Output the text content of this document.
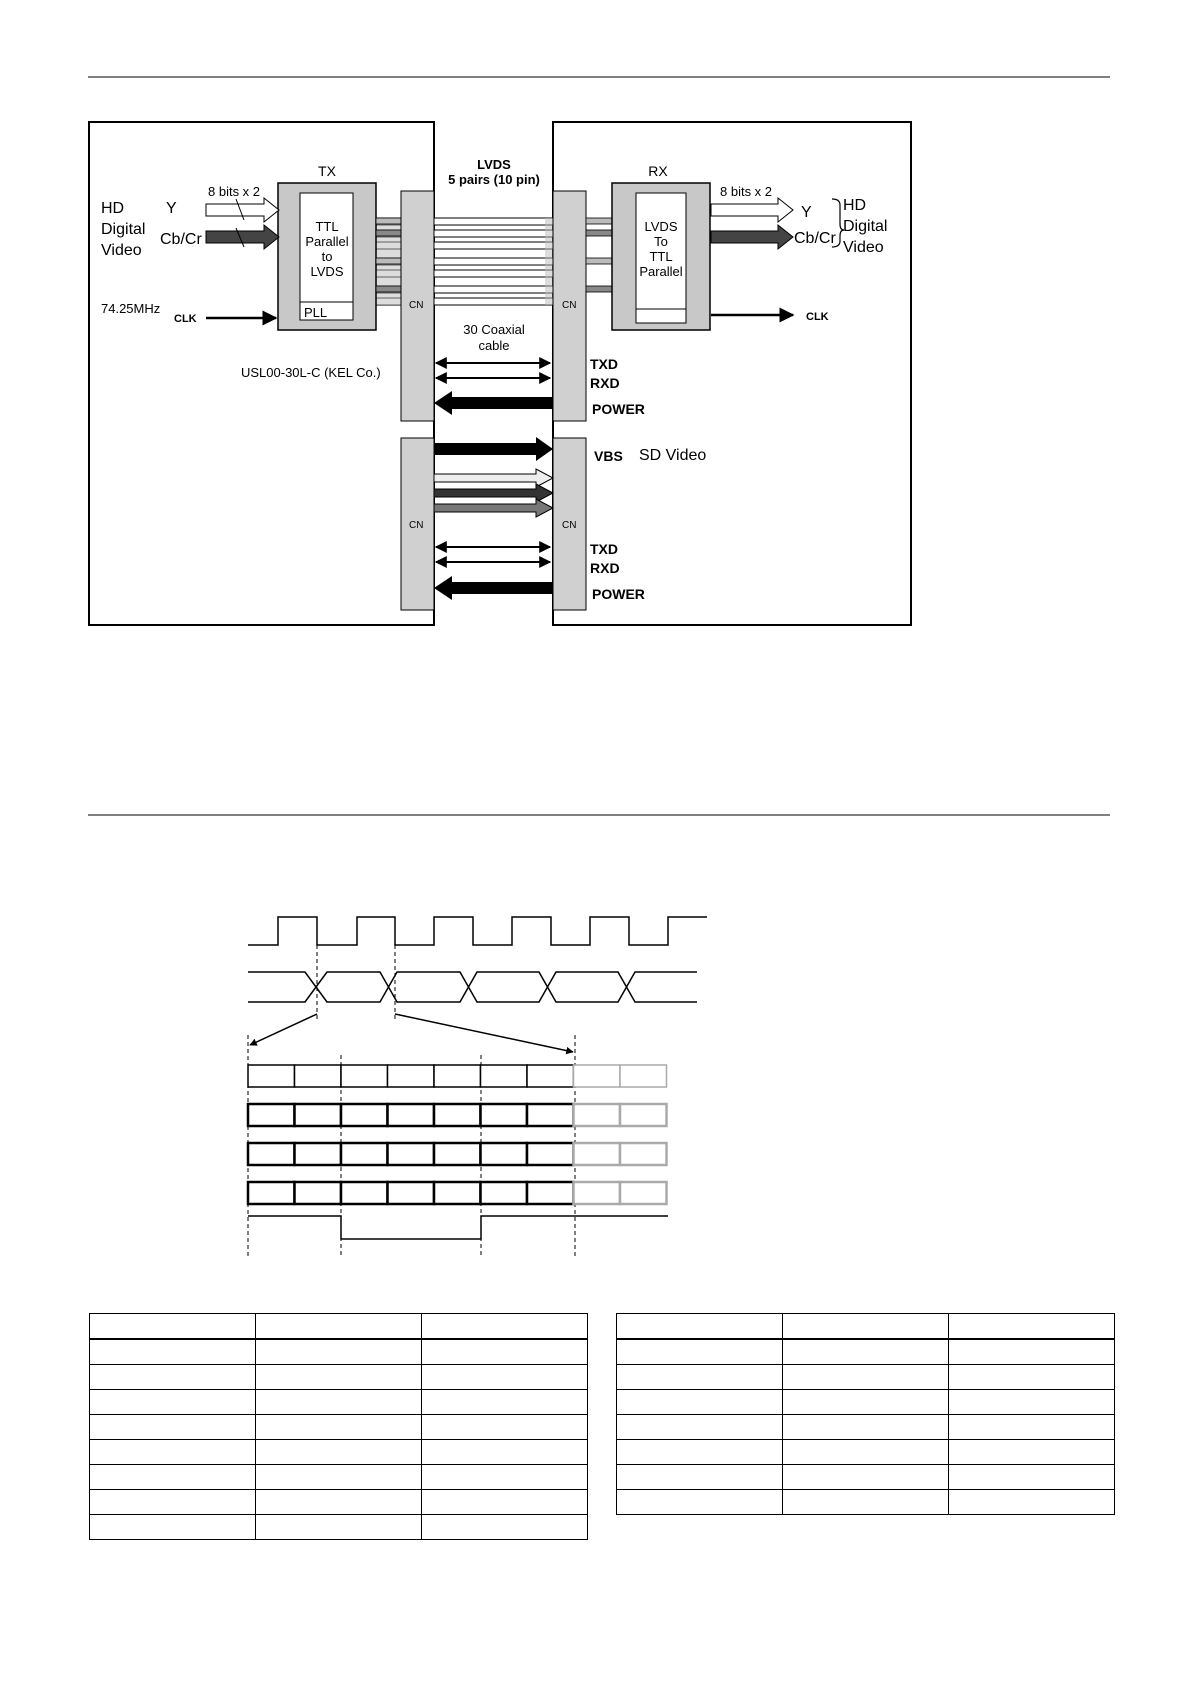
TX
TTL
Parallel
to
LVDS
PLL
HD
Digital
Video
Y
Cb/Cr
8 bits x 2
74.25MHz
CLK
USL00-30L-C (KEL Co.)
CN	CN
CN	CN
LVDS
5 pairs (10 pin)
30 Coaxial
cable
TXD
RXD
POWER
VBS SD Video
TXD
RXD
POWER
RX
LVDS
To
TTL
Parallel
8 bits x 2
Y
Cb/Cr
HD
Digital
Video
CLK
